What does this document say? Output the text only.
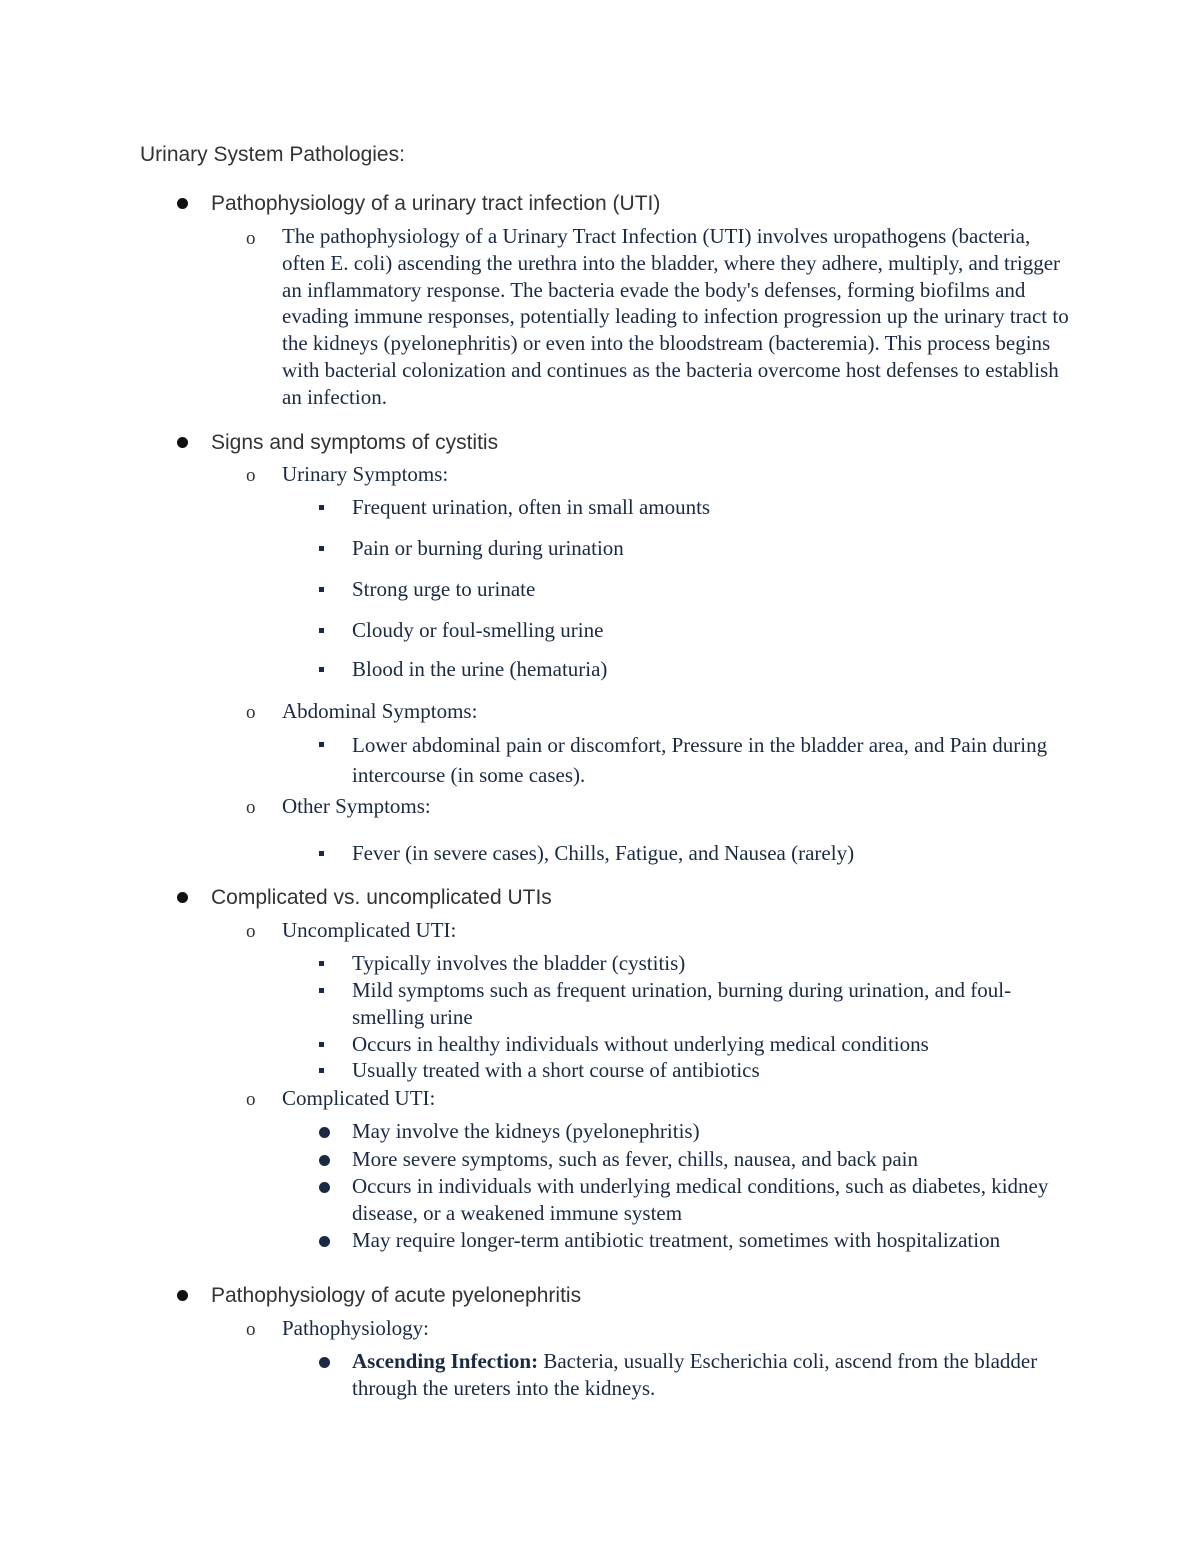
Urinary System Pathologies:
Pathophysiology of a urinary tract infection (UTI)
o The pathophysiology of a Urinary Tract Infection (UTI) involves uropathogens (bacteria, often E. coli) ascending the urethra into the bladder, where they adhere, multiply, and trigger an inflammatory response. The bacteria evade the body's defenses, forming biofilms and evading immune responses, potentially leading to infection progression up the urinary tract to the kidneys (pyelonephritis) or even into the bloodstream (bacteremia). This process begins with bacterial colonization and continues as the bacteria overcome host defenses to establish an infection.

Signs and symptoms of cystitis
o Urinary Symptoms:

Frequent urination, often in small amounts

Pain or burning during urination

Strong urge to urinate

Cloudy or foul-smelling urine

Blood in the urine (hematuria)

o Abdominal Symptoms:

Lower abdominal pain or discomfort, Pressure in the bladder area, and Pain during intercourse (in some cases).

o Other Symptoms:

Fever (in severe cases), Chills, Fatigue, and Nausea (rarely)

Complicated vs. uncomplicated UTIs
o Uncomplicated UTI:

Typically involves the bladder (cystitis)

Mild symptoms such as frequent urination, burning during urination, and foul-smelling urine

Occurs in healthy individuals without underlying medical conditions

Usually treated with a short course of antibiotics

o Complicated UTI:

May involve the kidneys (pyelonephritis)

More severe symptoms, such as fever, chills, nausea, and back pain

Occurs in individuals with underlying medical conditions, such as diabetes, kidney disease, or a weakened immune system

May require longer-term antibiotic treatment, sometimes with hospitalization

Pathophysiology of acute pyelonephritis
o Pathophysiology:

Ascending Infection: Bacteria, usually Escherichia coli, ascend from the bladder through the ureters into the kidneys.
